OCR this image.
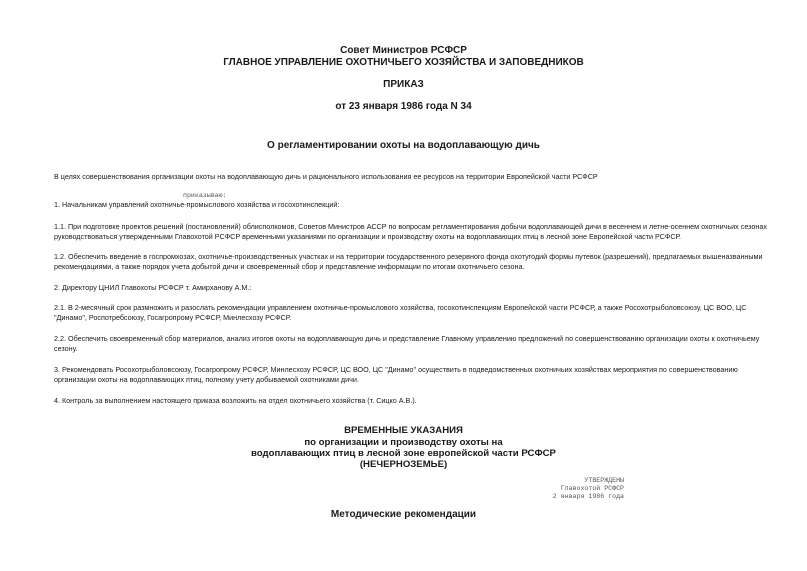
Совет Министров РСФСР
ГЛАВНОЕ УПРАВЛЕНИЕ ОХОТНИЧЬЕГО ХОЗЯЙСТВА И ЗАПОВЕДНИКОВ
ПРИКАЗ
от 23 января 1986 года N 34
О регламентировании охоты на водоплавающую дичь
В целях совершенствования организации охоты на водоплавающую дичь и рационального использования ее ресурсов на территории Европейской части РСФСР
приказываю:
1. Начальникам управлений охотничье-промыслового хозяйства и госохотинспекций:
1.1. При подготовке проектов решений (постановлений) облисполкомов, Советов Министров АССР по вопросам регламентирования добычи водоплавающей дичи в весеннем и летне-осеннем охотничьих сезонах
руководствоваться утвержденными Главохотой РСФСР временными указаниями по организации и производству охоты на водоплавающих птиц в лесной зоне Европейской части РСФСР.
1.2. Обеспечить введение в госпромхозах, охотничье-производственных участках и на территории государственного резервного фонда охотугодий формы путевок (разрешений), предлагаемых вышеназванными
рекомендациями, а также порядок учета добытой дичи и своевременный сбор и представление информации по итогам охотничьего сезона.
2. Директору ЦНИЛ Главохоты РСФСР т. Амирханову А.М.:
2.1. В 2-месячный срок размножить и разослать рекомендации управлением охотничье-промыслового хозяйства, госохотинспекциям Европейской части РСФСР, а также Росохотрыболовсоюзу, ЦС ВОО, ЦС
"Динамо", Роспотребсоюзу, Госагропрому РСФСР, Минлесхозу РСФСР.
2.2. Обеспечить своевременный сбор материалов, анализ итогов охоты на водоплавающую дичь и представление Главному управлению предложений по совершенствованию организации охоты к охотничьему
сезону.
3. Рекомендовать Росохотрыболовсоюзу, Госагропрому РСФСР, Минлесхозу РСФСР, ЦС ВОО, ЦС "Динамо" осуществить в подведомственных охотничьих хозяйствах мероприятия по совершенствованию
организации охоты на водоплавающих птиц, полному учету добываемой охотниками дичи.
4. Контроль за выполнением настоящего приказа возложить на отдел охотничьего хозяйства (т. Сицко А.В.).
ВРЕМЕННЫЕ УКАЗАНИЯ
по организации и производству охоты на
водоплавающих птиц в лесной зоне европейской части РСФСР
(НЕЧЕРНОЗЕМЬЕ)
УТВЕРЖДЕНЫ
Главохотой РСФСР
2 января 1986 года
Методические рекомендации
